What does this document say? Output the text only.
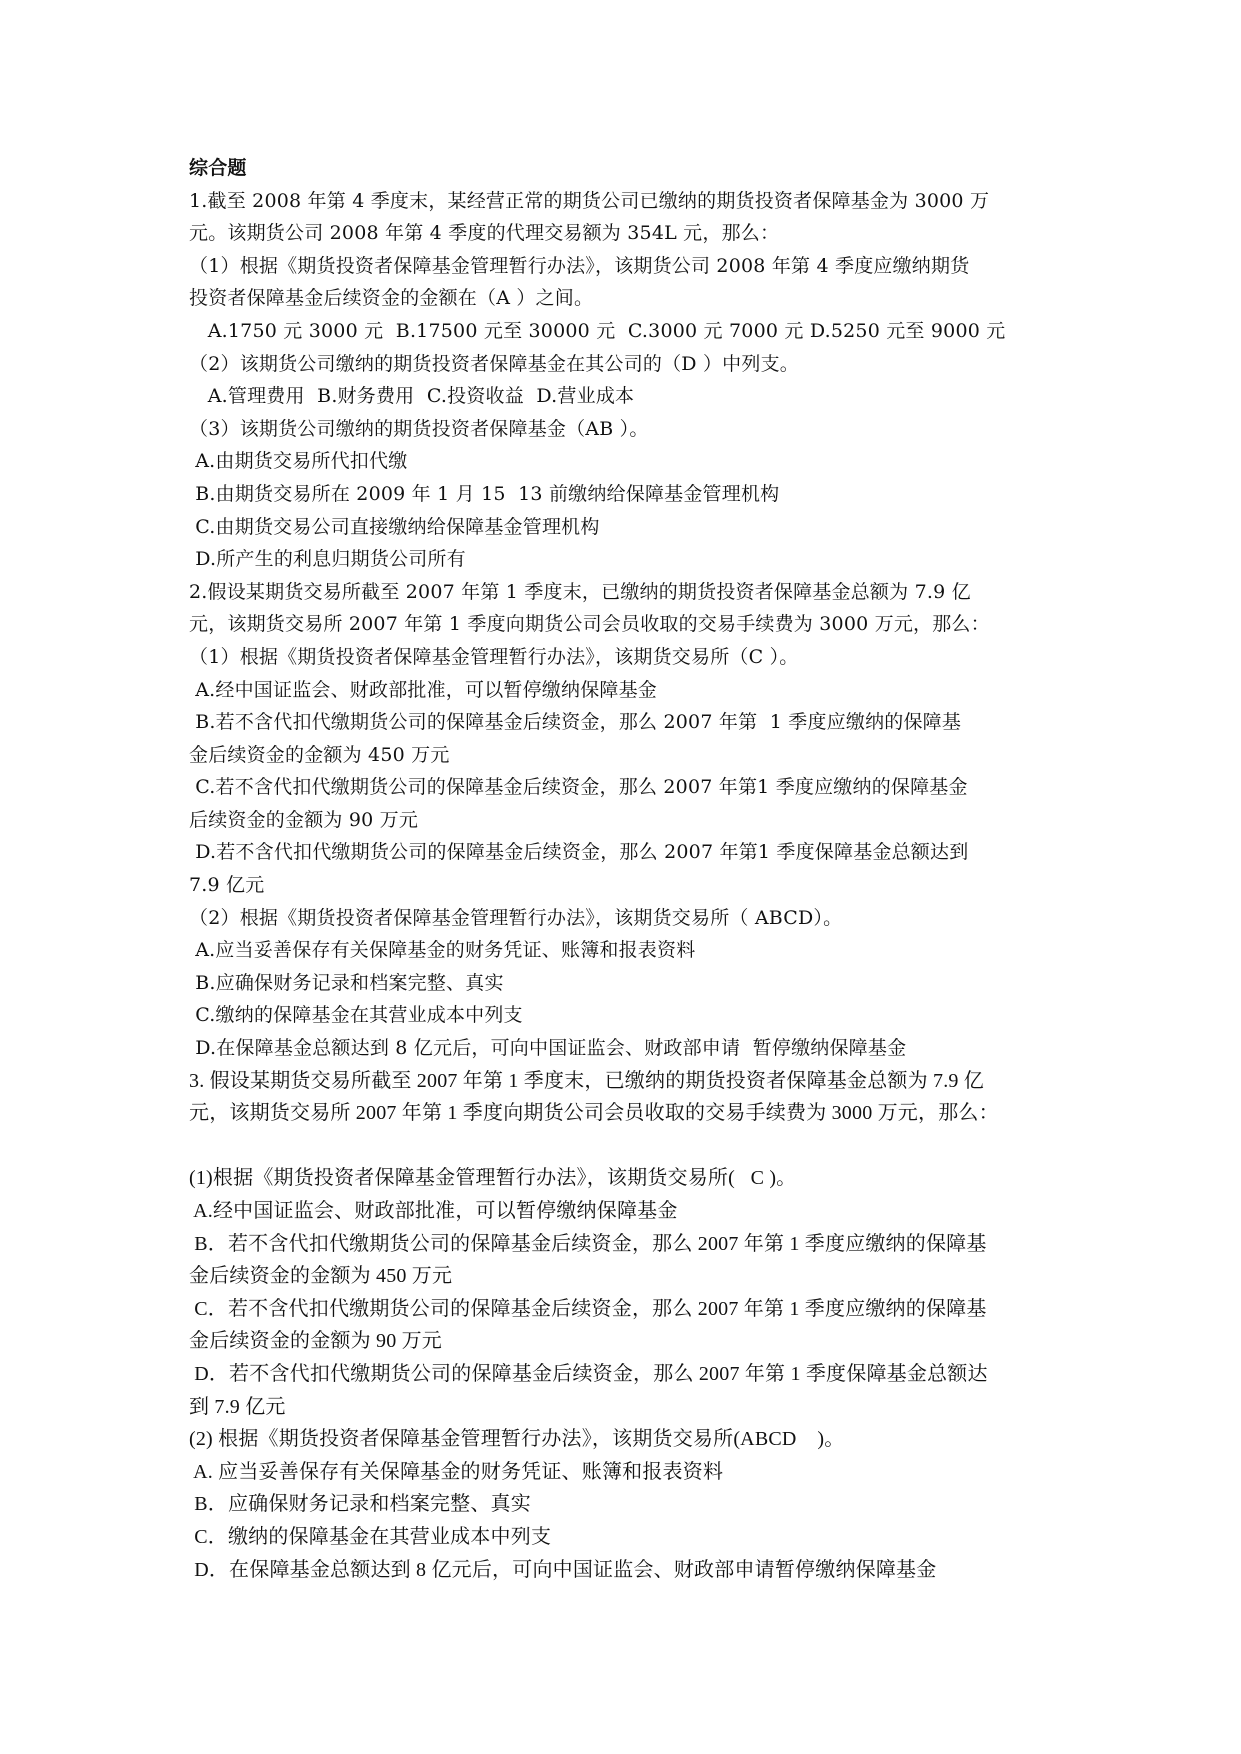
综合题
1.截至 2008 年第 4 季度末，某经营正常的期货公司已缴纳的期货投资者保障基金为 3000 万
元。该期货公司 2008 年第 4 季度的代理交易额为 354L 元，那么：
（1）根据《期货投资者保障基金管理暂行办法》，该期货公司 2008 年第 4 季度应缴纳期货
投资者保障基金后续资金的金额在（A ）之间。
A.1750 元 3000 元  B.17500 元至 30000 元  C.3000 元 7000 元 D.5250 元至 9000 元
（2）该期货公司缴纳的期货投资者保障基金在其公司的（D ）中列支。
A.管理费用  B.财务费用  C.投资收益  D.营业成本
（3）该期货公司缴纳的期货投资者保障基金（AB ）。
A.由期货交易所代扣代缴
B.由期货交易所在 2009 年 1 月 15  13 前缴纳给保障基金管理机构
C.由期货交易公司直接缴纳给保障基金管理机构
D.所产生的利息归期货公司所有
2.假设某期货交易所截至 2007 年第 1 季度末，已缴纳的期货投资者保障基金总额为 7.9 亿
元，该期货交易所 2007 年第 1 季度向期货公司会员收取的交易手续费为 3000 万元，那么：
（1）根据《期货投资者保障基金管理暂行办法》，该期货交易所（C ）。
A.经中国证监会、财政部批准，可以暂停缴纳保障基金
B.若不含代扣代缴期货公司的保障基金后续资金，那么 2007 年第  1 季度应缴纳的保障基
金后续资金的金额为 450 万元
C.若不含代扣代缴期货公司的保障基金后续资金，那么 2007 年第1 季度应缴纳的保障基金
后续资金的金额为 90 万元
D.若不含代扣代缴期货公司的保障基金后续资金，那么 2007 年第1 季度保障基金总额达到
7.9 亿元
（2）根据《期货投资者保障基金管理暂行办法》，该期货交易所（ ABCD）。
A.应当妥善保存有关保障基金的财务凭证、账簿和报表资料
B.应确保财务记录和档案完整、真实
C.缴纳的保障基金在其营业成本中列支
D.在保障基金总额达到 8 亿元后，可向中国证监会、财政部申请  暂停缴纳保障基金
3. 假设某期货交易所截至 2007 年第 1 季度末，已缴纳的期货投资者保障基金总额为 7.9 亿
元，该期货交易所 2007 年第 1 季度向期货公司会员收取的交易手续费为 3000 万元，那么：
(1)根据《期货投资者保障基金管理暂行办法》，该期货交易所(   C )。
A.经中国证监会、财政部批准，可以暂停缴纳保障基金
B．若不含代扣代缴期货公司的保障基金后续资金，那么 2007 年第 1 季度应缴纳的保障基
金后续资金的金额为 450 万元
C．若不含代扣代缴期货公司的保障基金后续资金，那么 2007 年第 1 季度应缴纳的保障基
金后续资金的金额为 90 万元
D．若不含代扣代缴期货公司的保障基金后续资金，那么 2007 年第 1 季度保障基金总额达
到 7.9 亿元
(2) 根据《期货投资者保障基金管理暂行办法》，该期货交易所(ABCD    )。
A. 应当妥善保存有关保障基金的财务凭证、账簿和报表资料
B．应确保财务记录和档案完整、真实
C．缴纳的保障基金在其营业成本中列支
D．在保障基金总额达到 8 亿元后，可向中国证监会、财政部申请暂停缴纳保障基金
